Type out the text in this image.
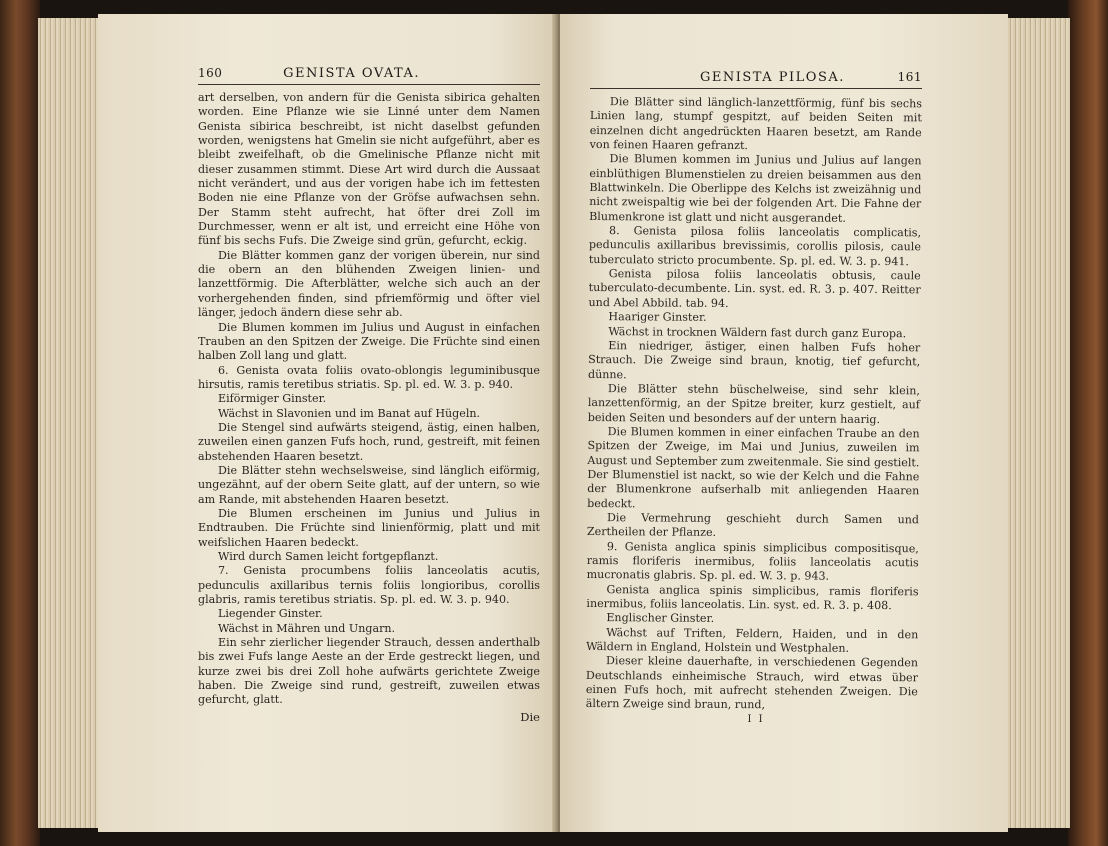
160	GENISTA OVATA.

art derselben, von andern für die Genista sibirica gehalten worden. Eine Pflanze wie sie Linné unter dem Namen Genista sibirica beschreibt, ist nicht daselbst gefunden worden, wenigstens hat Gmelin sie nicht aufgeführt, aber es bleibt zweifelhaft, ob die Gmelinische Pflanze nicht mit dieser zusammen stimmt. Diese Art wird durch die Aussaat nicht verändert, und aus der vorigen habe ich im fettesten Boden nie eine Pflanze von der Gröfse aufwachsen sehn. Der Stamm steht aufrecht, hat öfter drei Zoll im Durchmesser, wenn er alt ist, und erreicht eine Höhe von fünf bis sechs Fufs. Die Zweige sind grün, gefurcht, eckig.

Die Blätter kommen ganz der vorigen überein, nur sind die obern an den blühenden Zweigen linien- und lanzettförmig. Die Afterblätter, welche sich auch an der vorhergehenden finden, sind pfriemförmig und öfter viel länger, jedoch ändern diese sehr ab.

Die Blumen kommen im Julius und August in einfachen Trauben an den Spitzen der Zweige. Die Früchte sind einen halben Zoll lang und glatt.

6. Genista ovata foliis ovato-oblongis leguminibusque hirsutis, ramis teretibus striatis. Sp. pl. ed. W. 3. p. 940.

Eiförmiger Ginster.

Wächst in Slavonien und im Banat auf Hügeln.

Die Stengel sind aufwärts steigend, ästig, einen halben, zuweilen einen ganzen Fufs hoch, rund, gestreift, mit feinen abstehenden Haaren besetzt.

Die Blätter stehn wechselsweise, sind länglich eiförmig, ungezähnt, auf der obern Seite glatt, auf der untern, so wie am Rande, mit abstehenden Haaren besetzt.

Die Blumen erscheinen im Junius und Julius in Endtrauben. Die Früchte sind linienförmig, platt und mit weifslichen Haaren bedeckt.

Wird durch Samen leicht fortgepflanzt.

7. Genista procumbens foliis lanceolatis acutis, pedunculis axillaribus ternis foliis longioribus, corollis glabris, ramis teretibus striatis. Sp. pl. ed. W. 3. p. 940.

Liegender Ginster.

Wächst in Mähren und Ungarn.

Ein sehr zierlicher liegender Strauch, dessen anderthalb bis zwei Fufs lange Aeste an der Erde gestreckt liegen, und kurze zwei bis drei Zoll hohe aufwärts gerichtete Zweige haben. Die Zweige sind rund, gestreift, zuweilen etwas gefurcht, glatt.

Die
GENISTA PILOSA.	161

Die Blätter sind länglich-lanzettförmig, fünf bis sechs Linien lang, stumpf gespitzt, auf beiden Seiten mit einzelnen dicht angedrückten Haaren besetzt, am Rande von feinen Haaren gefranzt.

Die Blumen kommen im Junius und Julius auf langen einblüthigen Blumenstielen zu dreien beisammen aus den Blattwinkeln. Die Oberlippe des Kelchs ist zweizähnig und nicht zweispaltig wie bei der folgenden Art. Die Fahne der Blumenkrone ist glatt und nicht ausgerandet.

8. Genista pilosa foliis lanceolatis complicatis, pedunculis axillaribus brevissimis, corollis pilosis, caule tuberculato stricto procumbente. Sp. pl. ed. W. 3. p. 941.

Genista pilosa foliis lanceolatis obtusis, caule tuberculato-decumbente. Lin. syst. ed. R. 3. p. 407. Reitter und Abel Abbild. tab. 94.

Haariger Ginster.

Wächst in trocknen Wäldern fast durch ganz Europa.

Ein niedriger, ästiger, einen halben Fufs hoher Strauch. Die Zweige sind braun, knotig, tief gefurcht, dünne.

Die Blätter stehn büschelweise, sind sehr klein, lanzettenförmig, an der Spitze breiter, kurz gestielt, auf beiden Seiten und besonders auf der untern haarig.

Die Blumen kommen in einer einfachen Traube an den Spitzen der Zweige, im Mai und Junius, zuweilen im August und September zum zweitenmale. Sie sind gestielt. Der Blumenstiel ist nackt, so wie der Kelch und die Fahne der Blumenkrone aufserhalb mit anliegenden Haaren bedeckt.

Die Vermehrung geschieht durch Samen und Zertheilen der Pflanze.

9. Genista anglica spinis simplicibus compositisque, ramis floriferis inermibus, foliis lanceolatis acutis mucronatis glabris. Sp. pl. ed. W. 3. p. 943.

Genista anglica spinis simplicibus, ramis floriferis inermibus, foliis lanceolatis. Lin. syst. ed. R. 3. p. 408.

Englischer Ginster.

Wächst auf Triften, Feldern, Haiden, und in den Wäldern in England, Holstein und Westphalen.

Dieser kleine dauerhafte, in verschiedenen Gegenden Deutschlands einheimische Strauch, wird etwas über einen Fufs hoch, mit aufrecht stehenden Zweigen. Die ältern Zweige sind braun, rund,

I I
